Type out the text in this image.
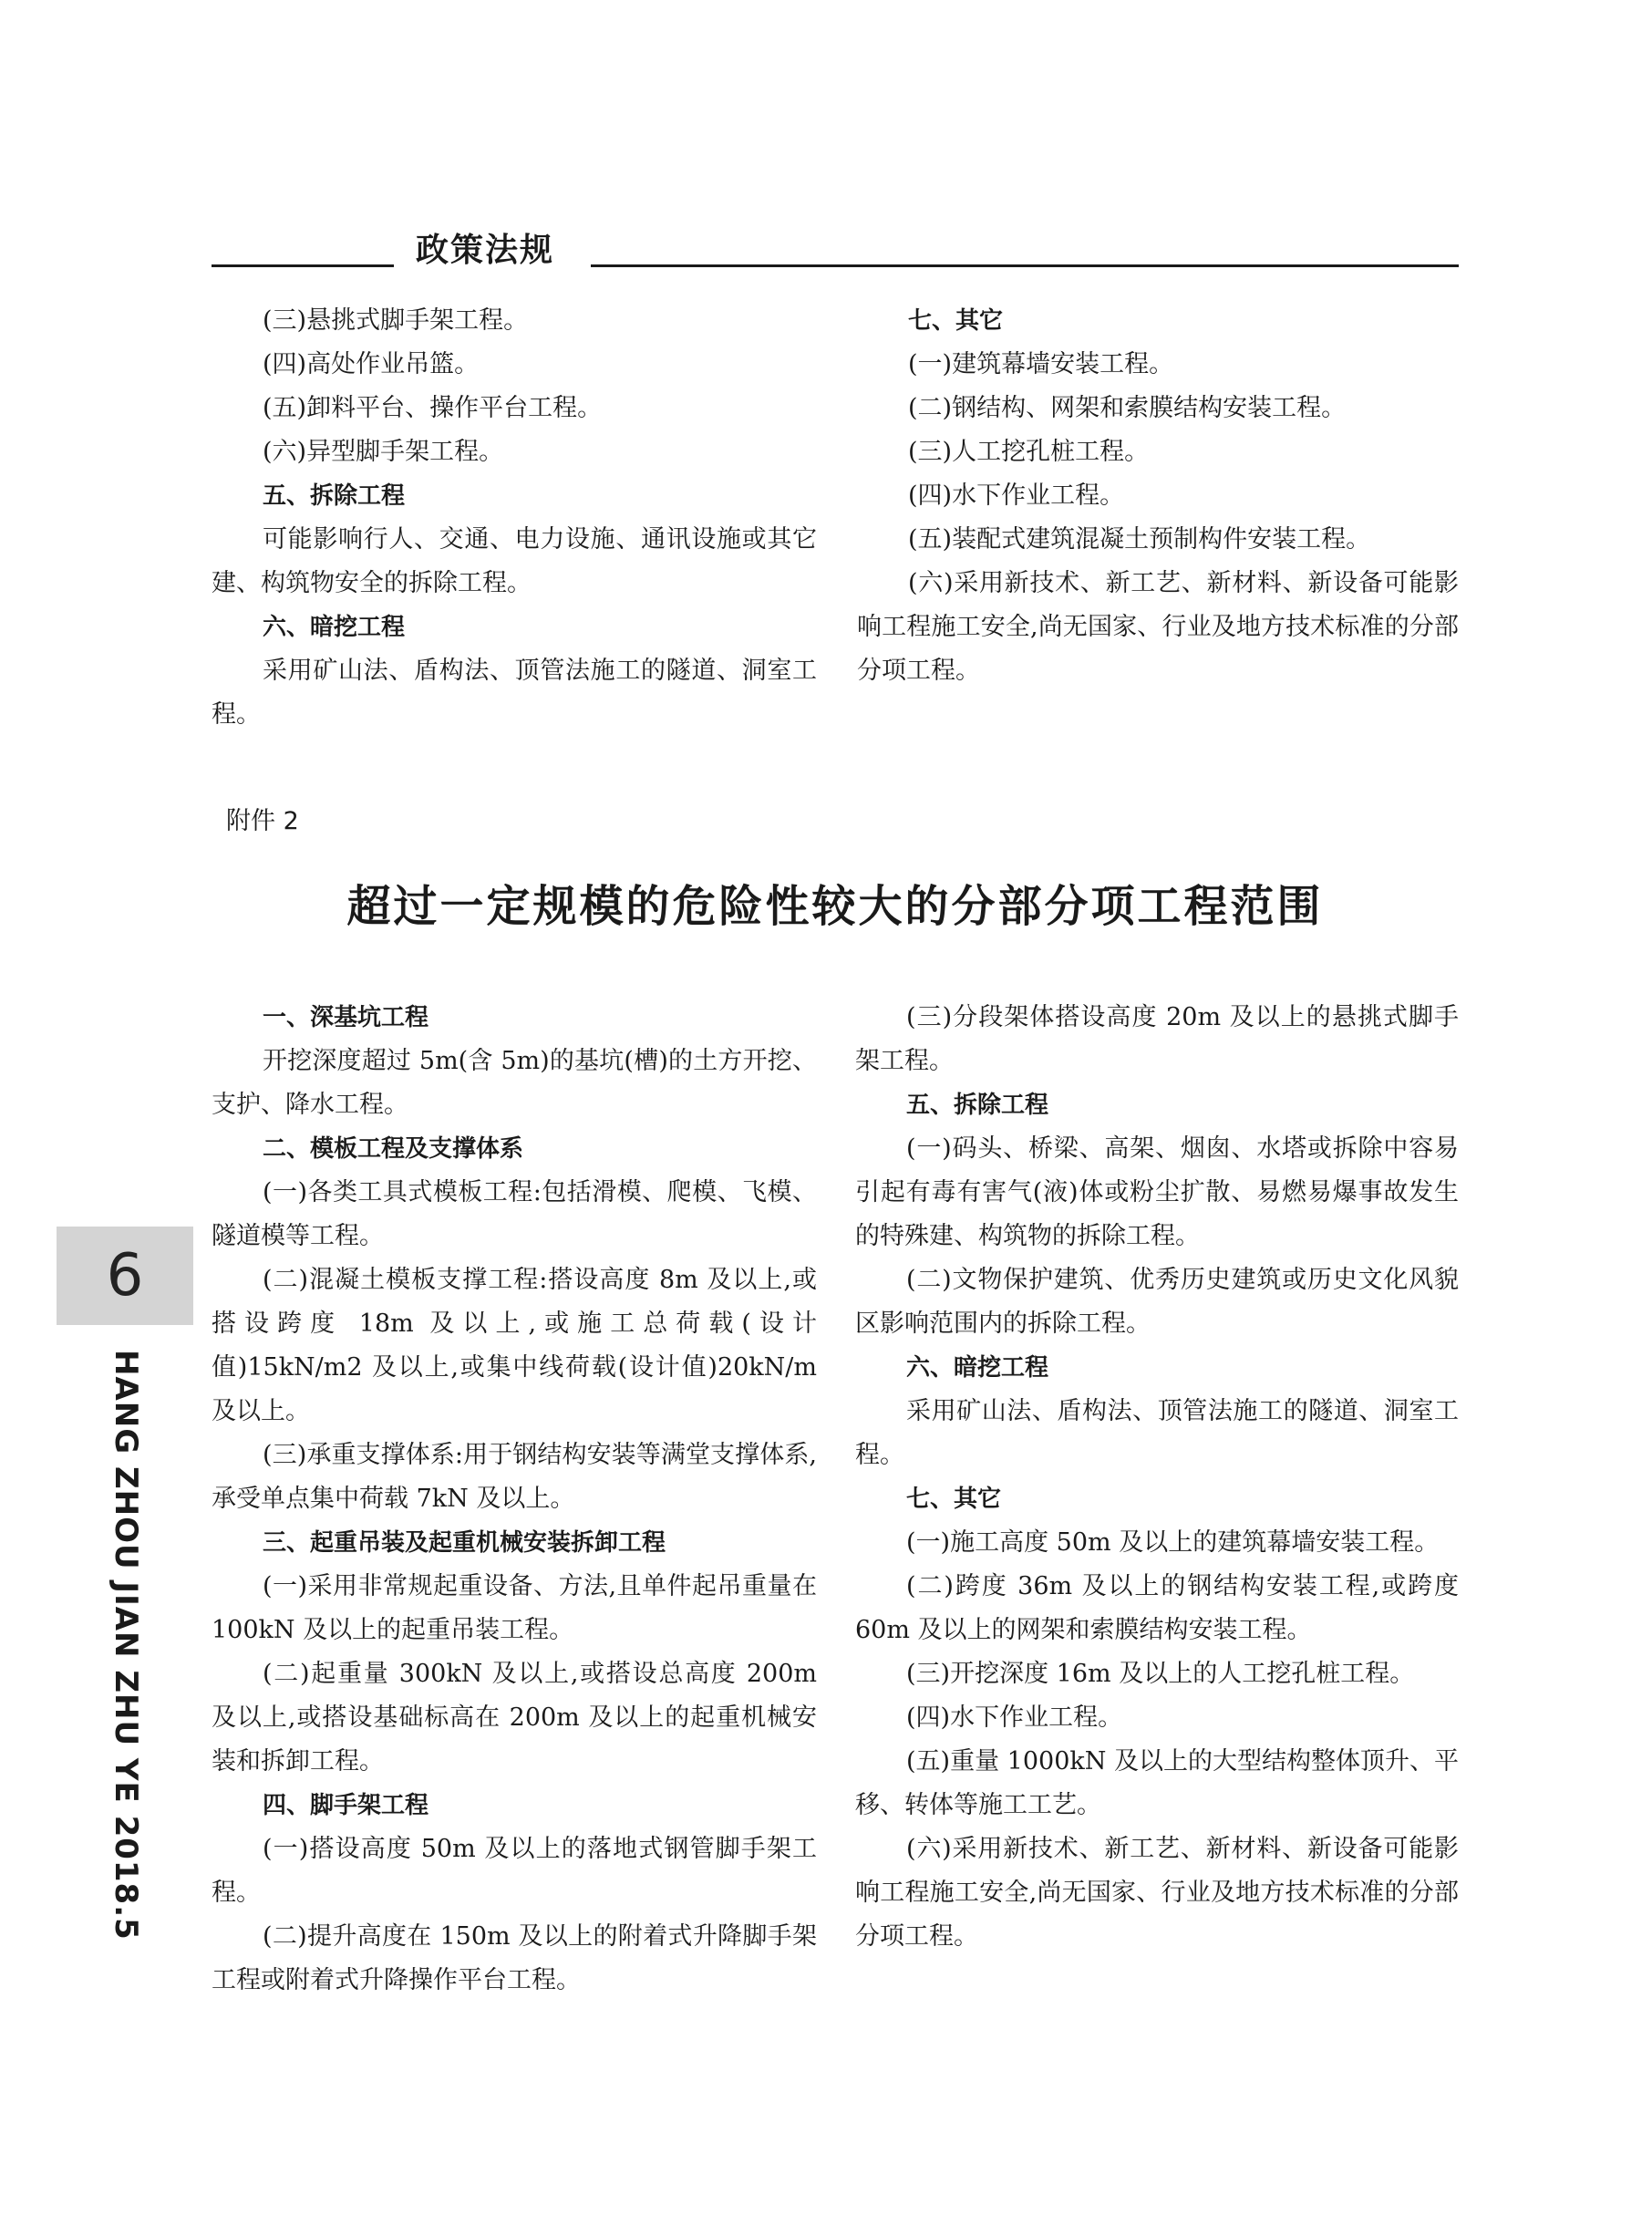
政策法规

(三)悬挑式脚手架工程。

(四)高处作业吊篮。

(五)卸料平台、操作平台工程。

(六)异型脚手架工程。

五、拆除工程

可能影响行人、交通、电力设施、通讯设施或其它建、构筑物安全的拆除工程。

六、暗挖工程

采用矿山法、盾构法、顶管法施工的隧道、洞室工程。

七、其它

(一)建筑幕墙安装工程。

(二)钢结构、网架和索膜结构安装工程。

(三)人工挖孔桩工程。

(四)水下作业工程。

(五)装配式建筑混凝土预制构件安装工程。

(六)采用新技术、新工艺、新材料、新设备可能影响工程施工安全,尚无国家、行业及地方技术标准的分部分项工程。

附件 2
超过一定规模的危险性较大的分部分项工程范围

一、深基坑工程

开挖深度超过 5m(含 5m)的基坑(槽)的土方开挖、支护、降水工程。

二、模板工程及支撑体系

(一)各类工具式模板工程:包括滑模、爬模、飞模、隧道模等工程。

(二)混凝土模板支撑工程:搭设高度 8m 及以上,或搭设跨度 18m 及以上,或施工总荷载(设计值)15kN/m2 及以上,或集中线荷载(设计值)20kN/m 及以上。

(三)承重支撑体系:用于钢结构安装等满堂支撑体系,承受单点集中荷载 7kN 及以上。

三、起重吊装及起重机械安装拆卸工程

(一)采用非常规起重设备、方法,且单件起吊重量在 100kN 及以上的起重吊装工程。

(二)起重量 300kN 及以上,或搭设总高度 200m 及以上,或搭设基础标高在 200m 及以上的起重机械安装和拆卸工程。

四、脚手架工程

(一)搭设高度 50m 及以上的落地式钢管脚手架工程。

(二)提升高度在 150m 及以上的附着式升降脚手架工程或附着式升降操作平台工程。

(三)分段架体搭设高度 20m 及以上的悬挑式脚手架工程。

五、拆除工程

(一)码头、桥梁、高架、烟囱、水塔或拆除中容易引起有毒有害气(液)体或粉尘扩散、易燃易爆事故发生的特殊建、构筑物的拆除工程。

(二)文物保护建筑、优秀历史建筑或历史文化风貌区影响范围内的拆除工程。

六、暗挖工程

采用矿山法、盾构法、顶管法施工的隧道、洞室工程。

七、其它

(一)施工高度 50m 及以上的建筑幕墙安装工程。

(二)跨度 36m 及以上的钢结构安装工程,或跨度 60m 及以上的网架和索膜结构安装工程。

(三)开挖深度 16m 及以上的人工挖孔桩工程。

(四)水下作业工程。

(五)重量 1000kN 及以上的大型结构整体顶升、平移、转体等施工工艺。

(六)采用新技术、新工艺、新材料、新设备可能影响工程施工安全,尚无国家、行业及地方技术标准的分部分项工程。

6
HANG ZHOU JIAN ZHU YE 2018.5
